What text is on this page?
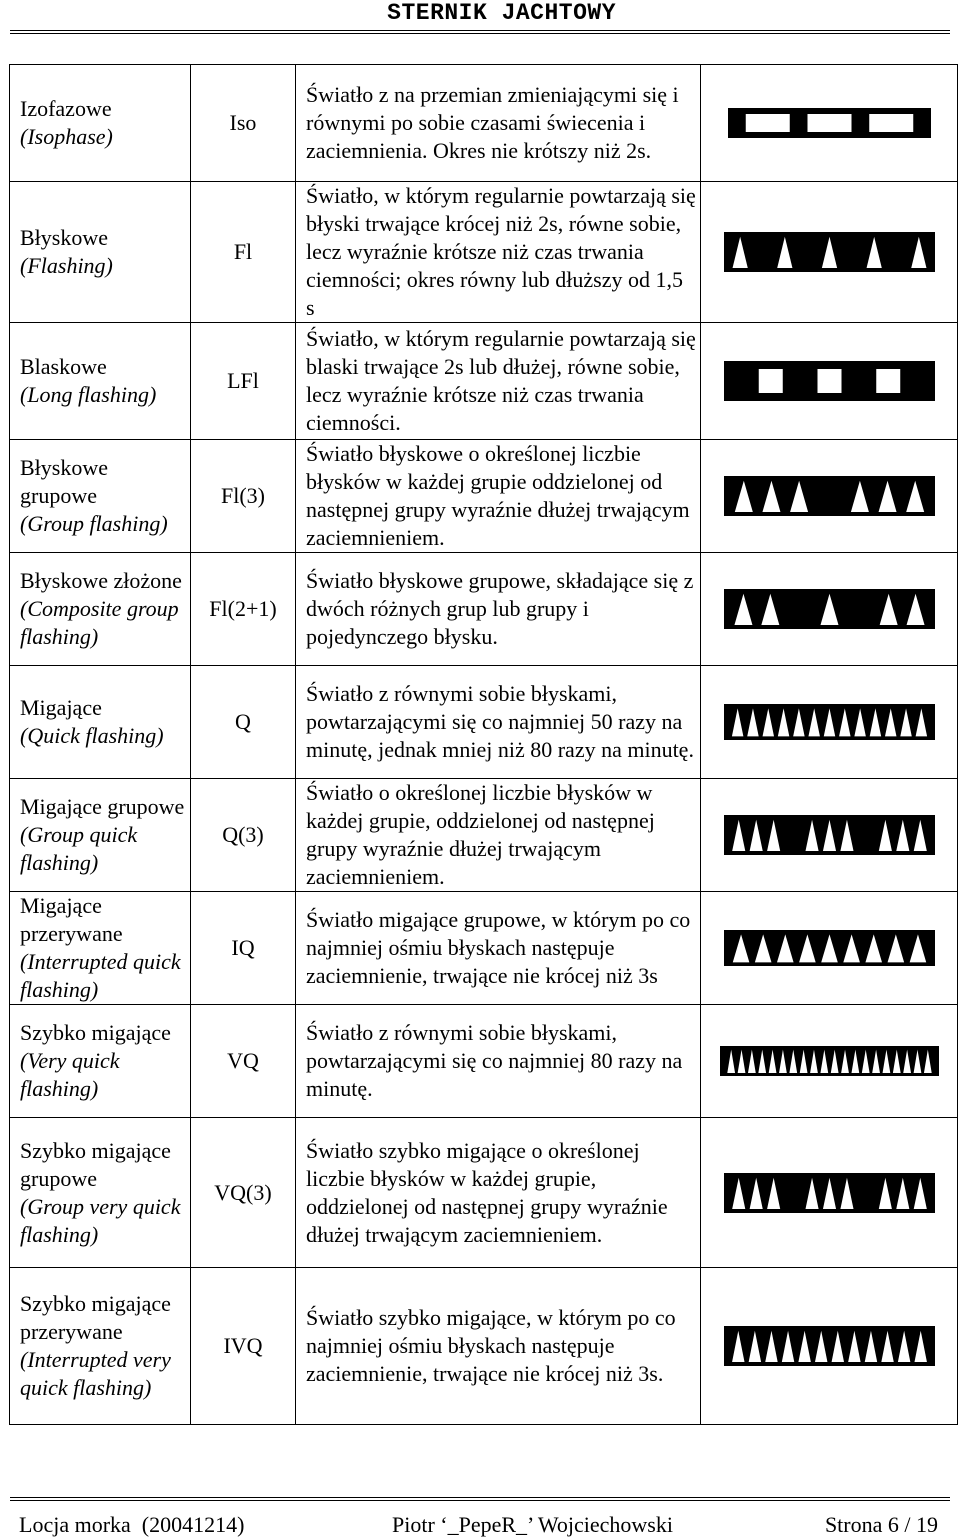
STERNIK JACHTOWY
Izofazowe
(Isophase)	Iso	Światło z na przemian zmieniającymi się i równymi po sobie czasami świecenia i zaciemnienia. Okres nie krótszy niż 2s.	

Błyskowe
(Flashing)	Fl	Światło, w którym regularnie powtarzają się błyski trwające krócej niż 2s, równe sobie, lecz wyraźnie krótsze niż czas trwania ciemności; okres równy lub dłuższy od 1,5 s	

Blaskowe
(Long flashing)	LFl	Światło, w którym regularnie powtarzają się blaski trwające 2s lub dłużej, równe sobie, lecz wyraźnie krótsze niż czas trwania ciemności.	

Błyskowe grupowe
(Group flashing)	Fl(3)	Światło błyskowe o określonej liczbie błysków w każdej grupie oddzielonej od następnej grupy wyraźnie dłużej trwającym zaciemnieniem.	

Błyskowe złożone
(Composite group flashing)	Fl(2+1)	Światło błyskowe grupowe, składające się z dwóch różnych grup lub grupy i pojedynczego błysku.	

Migające
(Quick flashing)	Q	Światło z równymi sobie błyskami, powtarzającymi się co najmniej 50 razy na minutę, jednak mniej niż 80 razy na minutę.	

Migające grupowe
(Group quick flashing)	Q(3)	Światło o określonej liczbie błysków w każdej grupie, oddzielonej od następnej grupy wyraźnie dłużej trwającym zaciemnieniem.	

Migające przerywane
(Interrupted quick flashing)	IQ	Światło migające grupowe, w którym po co najmniej ośmiu błyskach następuje zaciemnienie, trwające nie krócej niż 3s	

Szybko migające
(Very quick flashing)	VQ	Światło z równymi sobie błyskami, powtarzającymi się co najmniej 80 razy na minutę.	

Szybko migające grupowe
(Group very quick flashing)	VQ(3)	Światło szybko migające o określonej liczbie błysków w każdej grupie, oddzielonej od następnej grupy wyraźnie dłużej trwającym zaciemnieniem.	

Szybko migające przerywane
(Interrupted very quick flashing)	IVQ	Światło szybko migające, w którym po co najmniej ośmiu błyskach następuje zaciemnienie, trwające nie krócej niż 3s.	
Locja morka  (20041214)	Piotr ‘_PepeR_’ Wojciechowski	Strona 6 / 19
